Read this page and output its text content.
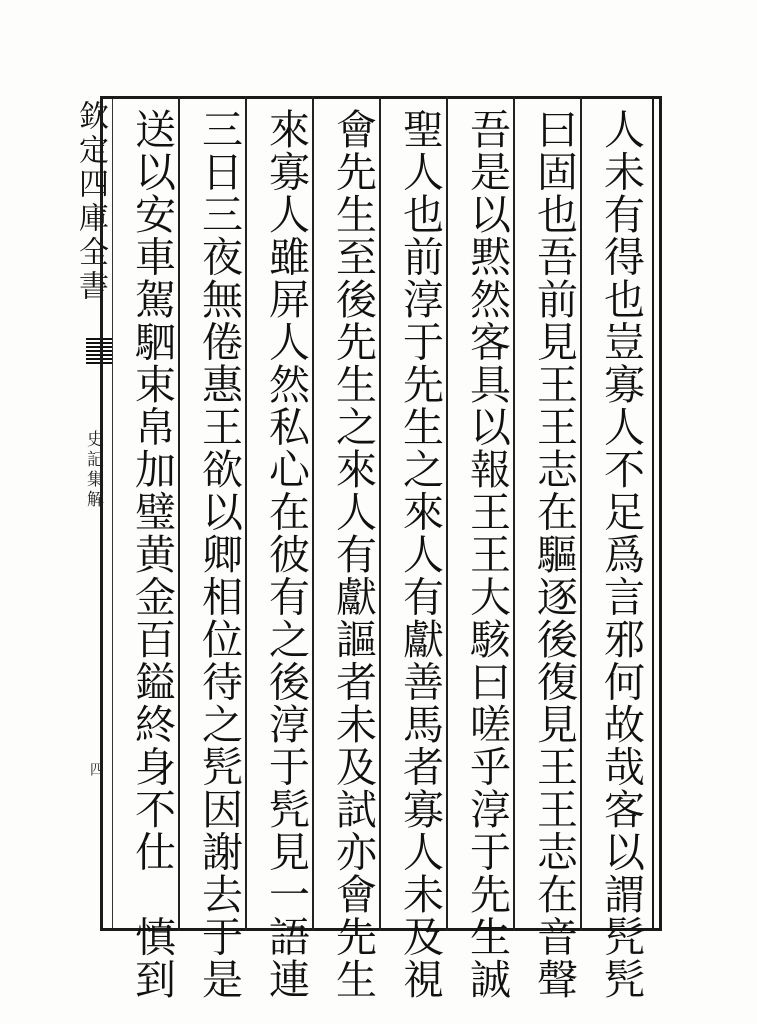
欽定四庫全書
史記集解
四	人未有得也豈寡人不足爲言邪何故哉客以謂髠髠
曰固也吾前見王王志在驅逐後復見王王志在音聲
吾是以黙然客具以報王王大駭曰嗟乎淳于先生誠
聖人也前淳于先生之來人有獻善馬者寡人未及視
會先生至後先生之來人有獻謳者未及試亦會先生
來寡人雖屏人然私心在彼有之後淳于髠見一語連
三日三夜無倦惠王欲以卿相位待之髠因謝去于是
送以安車駕駟束帛加璧黄金百鎰終身不仕　慎到
